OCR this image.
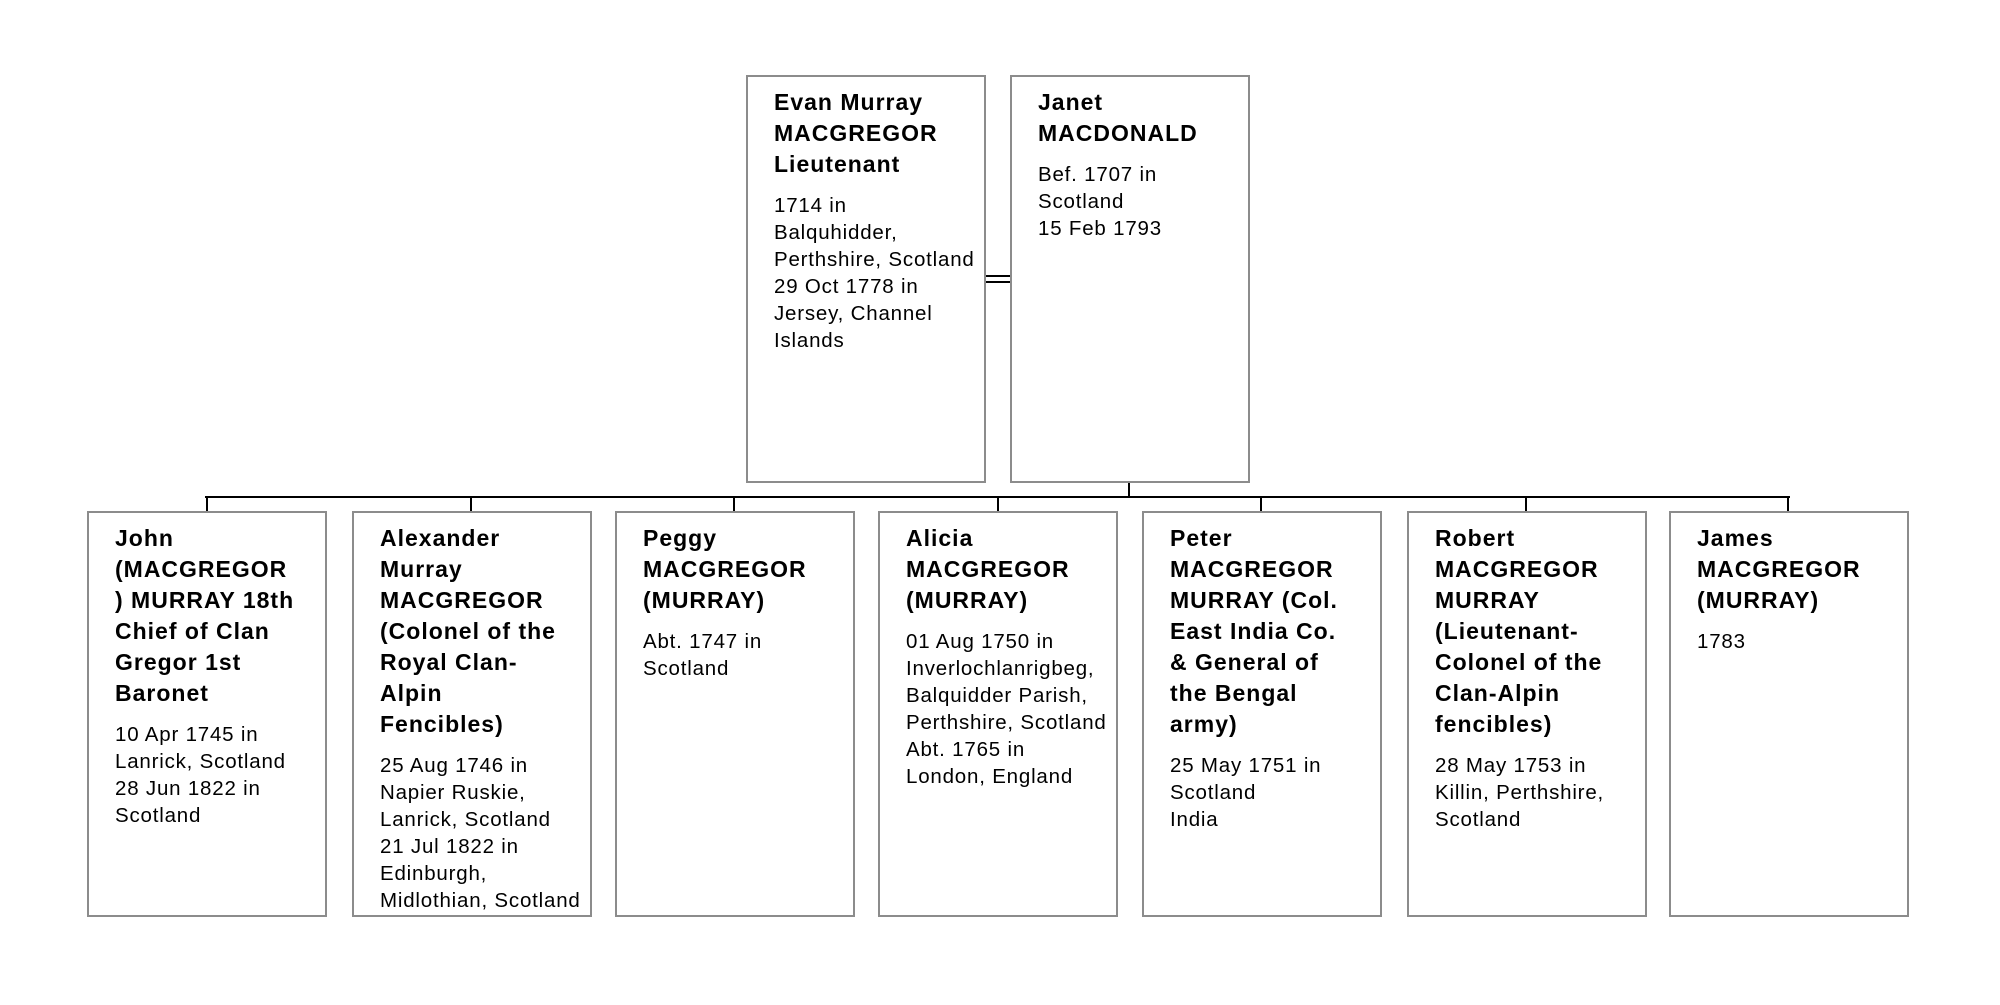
Evan Murray
MACGREGOR
Lieutenant
1714 in
Balquhidder,
Perthshire, Scotland
29 Oct 1778 in
Jersey, Channel
Islands
Janet
MACDONALD
Bef. 1707 in
Scotland
15 Feb 1793
John
(MACGREGOR
) MURRAY 18th
Chief of Clan
Gregor 1st
Baronet
10 Apr 1745 in
Lanrick, Scotland
28 Jun 1822 in
Scotland
Alexander
Murray
MACGREGOR
(Colonel of the
Royal Clan-
Alpin
Fencibles)
25 Aug 1746 in
Napier Ruskie,
Lanrick, Scotland
21 Jul 1822 in
Edinburgh,
Midlothian, Scotland
Peggy
MACGREGOR
(MURRAY)
Abt. 1747 in
Scotland
Alicia
MACGREGOR
(MURRAY)
01 Aug 1750 in
Inverlochlanrigbeg,
Balquidder Parish,
Perthshire, Scotland
Abt. 1765 in
London, England
Peter
MACGREGOR
MURRAY (Col.
East India Co.
& General of
the Bengal
army)
25 May 1751 in
Scotland
India
Robert
MACGREGOR
MURRAY
(Lieutenant-
Colonel of the
Clan-Alpin
fencibles)
28 May 1753 in
Killin, Perthshire,
Scotland
James
MACGREGOR
(MURRAY)
1783
